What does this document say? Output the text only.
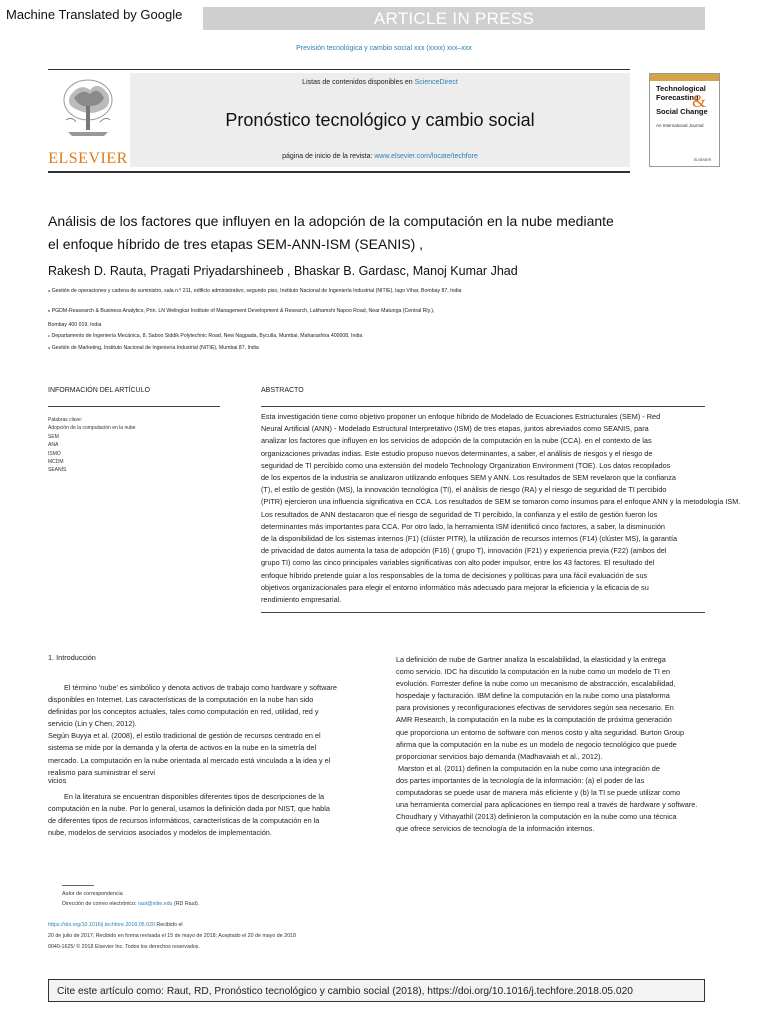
Machine Translated by Google	ARTICLE IN PRESS
Previsión tecnológica y cambio social xxx (xxxx) xxx–xxx
ELSEVIER
Listas de contenidos disponibles en ScienceDirect
Pronóstico tecnológico y cambio social
página de inicio de la revista: www.elsevier.com/locate/techfore
Technological
Forecasting
Social Change
&
An International Journal
ELSEVIER
Análisis de los factores que influyen en la adopción de la computación en la nube mediante
el enfoque híbrido de tres etapas SEM-ANN-ISM (SEANIS) ,
Rakesh D. Rauta, Pragati Priyadarshineeb , Bhaskar B. Gardasc, Manoj Kumar Jhad
$^a$ Gestión de operaciones y cadena de suministro, sala n.º 211, edificio administrativo, segundo piso, Instituto Nacional de Ingeniería Industrial (NITIE), lago Vihar, Bombay 87, India
$^b$ PGDM-Reasearch & Business Analytics, Prin. LN Welingkar Institute of Management Development & Research, Lakhamshi Napoo Road, Near Matunga (Central Rly.),
Bombay 400 019, India
$^c$ Departamento de Ingeniería Mecánica, 8, Saboo Siddik Polytechnic Road, New Nagpada, Byculla, Mumbai, Maharashtra 400008, India
$^d$ Gestión de Marketing, Instituto Nacional de Ingeniería Industrial (NITIE), Mumbai 87, India
INFORMACIÓN DEL ARTÍCULO	ABSTRACTO
Palabras clave:
Adopción de la computación en la nube
SEM
ANA
ISMO
MCDM
SEANÍS
Esta investigación tiene como objetivo proponer un enfoque híbrido de Modelado de Ecuaciones Estructurales (SEM) - Red
Neural Artificial (ANN) - Modelado Estructural Interpretativo (ISM) de tres etapas, juntos abreviados como SEANIS, para
analizar los factores que influyen en los servicios de adopción de la computación en la nube (CCA). en el contexto de las
organizaciones privadas indias. Este estudio propuso nuevos determinantes, a saber, el análisis de riesgos y el riesgo de
seguridad de TI percibido como una extensión del modelo Technology Organization Environment (TOE). Los datos recopilados
de los expertos de la industria se analizaron utilizando enfoques SEM y ANN. Los resultados de SEM revelaron que la confianza
(T), el estilo de gestión (MS), la innovación tecnológica (TI), el análisis de riesgo (RA) y el riesgo de seguridad de TI percibido
(PITR) ejercieron una influencia significativa en CCA. Los resultados de SEM se tomaron como insumos para el enfoque ANN y la metodología ISM.
Los resultados de ANN destacaron que el riesgo de seguridad de TI percibido, la confianza y el estilo de gestión fueron los
determinantes más importantes para CCA. Por otro lado, la herramienta ISM identificó cinco factores, a saber, la disminución
de la disponibilidad de los sistemas internos (F1) (clúster PITR), la utilización de recursos internos (F14) (clúster MS), la garantía
de privacidad de datos aumenta la tasa de adopción (F16) ( grupo T), innovación (F21) y experiencia previa (F22) (ambos del
grupo TI) como las cinco principales variables significativas con alto poder impulsor, entre los 43 factores. El resultado del
enfoque híbrido pretende guiar a los responsables de la toma de decisiones y políticas para una fácil evaluación de sus
objetivos organizacionales para elegir el entorno informático más adecuado para mejorar la eficiencia y la eficacia de su
rendimiento empresarial.
1. Introducción
El término 'nube' es simbólico y denota activos de trabajo como hardware y software
disponibles en Internet. Las características de la computación en la nube han sido
definidas por los conceptos actuales, tales como computación en red, utilidad, red y
servicio (Lin y Chen, 2012).
Según Buyya et al. (2008), el estilo tradicional de gestión de recursos centrado en el
sistema se mide por la demanda y la oferta de activos en la nube en la simetría del
mercado. La computación en la nube orientada al mercado está vinculada a la idea y el
realismo para suministrar el servi
vicios
En la literatura se encuentran disponibles diferentes tipos de descripciones de la
computación en la nube. Por lo general, usamos la definición dada por NIST, que habla
de diferentes tipos de recursos informáticos, características de la computación en la
nube, modelos de servicios asociados y modelos de implementación.
La definición de nube de Gartner analiza la escalabilidad, la elasticidad y la entrega
como servicio. IDC ha discutido la computación en la nube como un modelo de TI en
evolución. Forrester define la nube como un mecanismo de abstracción, escalabilidad,
hospedaje y facturación. IBM define la computación en la nube como una plataforma
para provisiones y reconfiguraciones efectivas de servidores según sea necesario. En
AMR Research, la computación en la nube es la computación de próxima generación
que proporciona un entorno de software con menos costo y alta seguridad. Burton Group
afirma que la computación en la nube es un modelo de negocio tecnológico que puede
proporcionar servicios bajo demanda (Madhavaiah et al., 2012).
Marston et al. (2011) definen la computación en la nube como una integración de
dos partes importantes de la tecnología de la información: (a) el poder de las
computadoras se puede usar de manera más eficiente y (b) la TI se puede utilizar como
una herramienta comercial para aplicaciones en tiempo real a través de hardware y software.
Choudhary y Vithayathil (2013) definieron la computación en la nube como una técnica
que ofrece servicios de tecnología de la información internos.
Autor de correspondencia
Dirección de correo electrónico: raut@nitie.edu (RD Raut).
https://doi.org/10.1016/j.techfore.2018.05.020 Recibido el
20 de julio de 2017; Recibido en forma revisada el 15 de mayo de 2018; Aceptado el 20 de mayo de 2018
0040-1625/ © 2018 Elsevier Inc. Todos los derechos reservados.
Cite este artículo como: Raut, RD, Pronóstico tecnológico y cambio social (2018), https://doi.org/10.1016/j.techfore.2018.05.020
